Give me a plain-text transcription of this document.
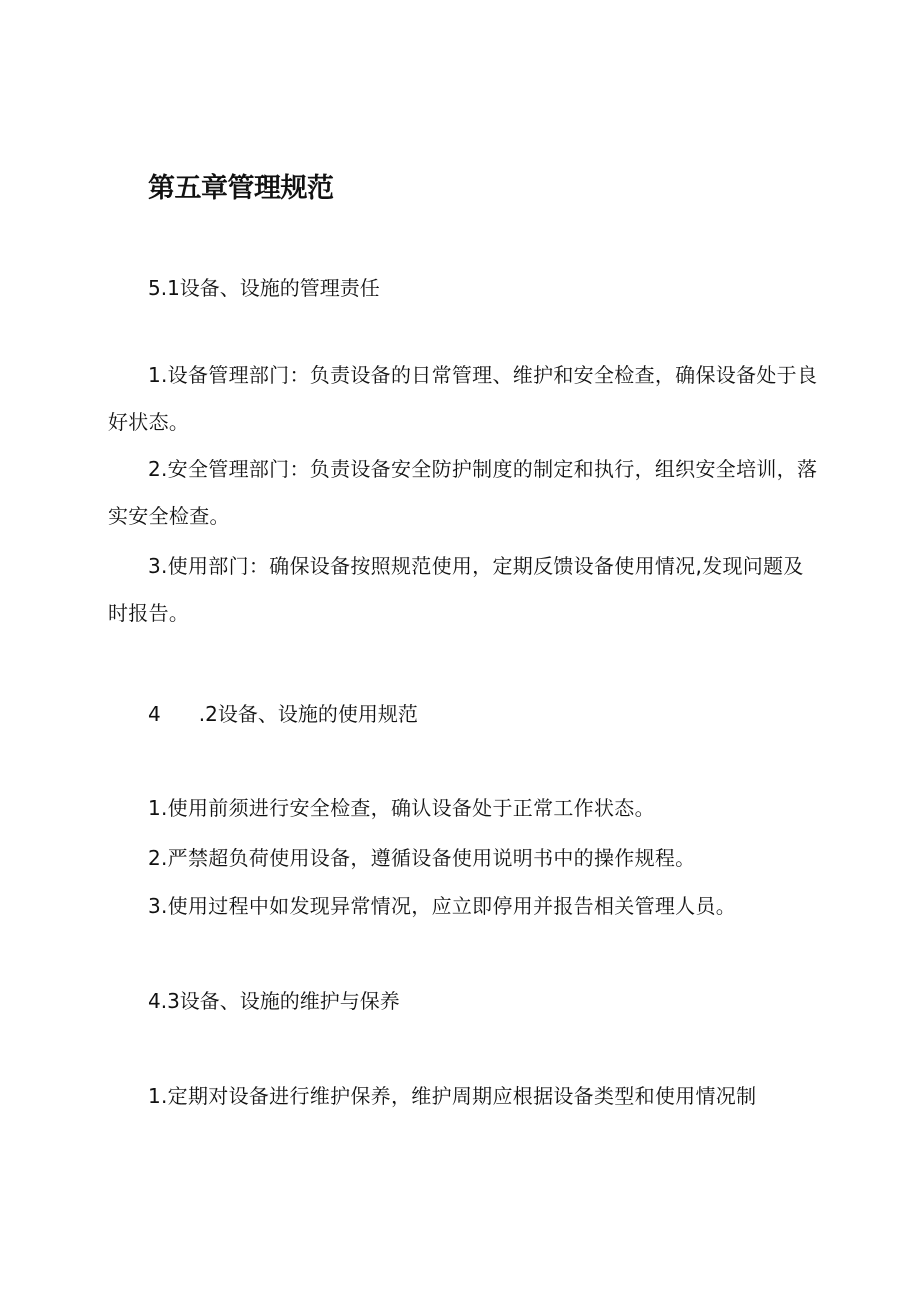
第五章管理规范
5.1设备、设施的管理责任
1.设备管理部门：负责设备的日常管理、维护和安全检查，确保设备处于良好状态。
2.安全管理部门：负责设备安全防护制度的制定和执行，组织安全培训，落实安全检查。
3.使用部门：确保设备按照规范使用，定期反馈设备使用情况,发现问题及时报告。
4 .2设备、设施的使用规范
1.使用前须进行安全检查，确认设备处于正常工作状态。
2.严禁超负荷使用设备，遵循设备使用说明书中的操作规程。
3.使用过程中如发现异常情况，应立即停用并报告相关管理人员。
4.3设备、设施的维护与保养
1.定期对设备进行维护保养，维护周期应根据设备类型和使用情况制
